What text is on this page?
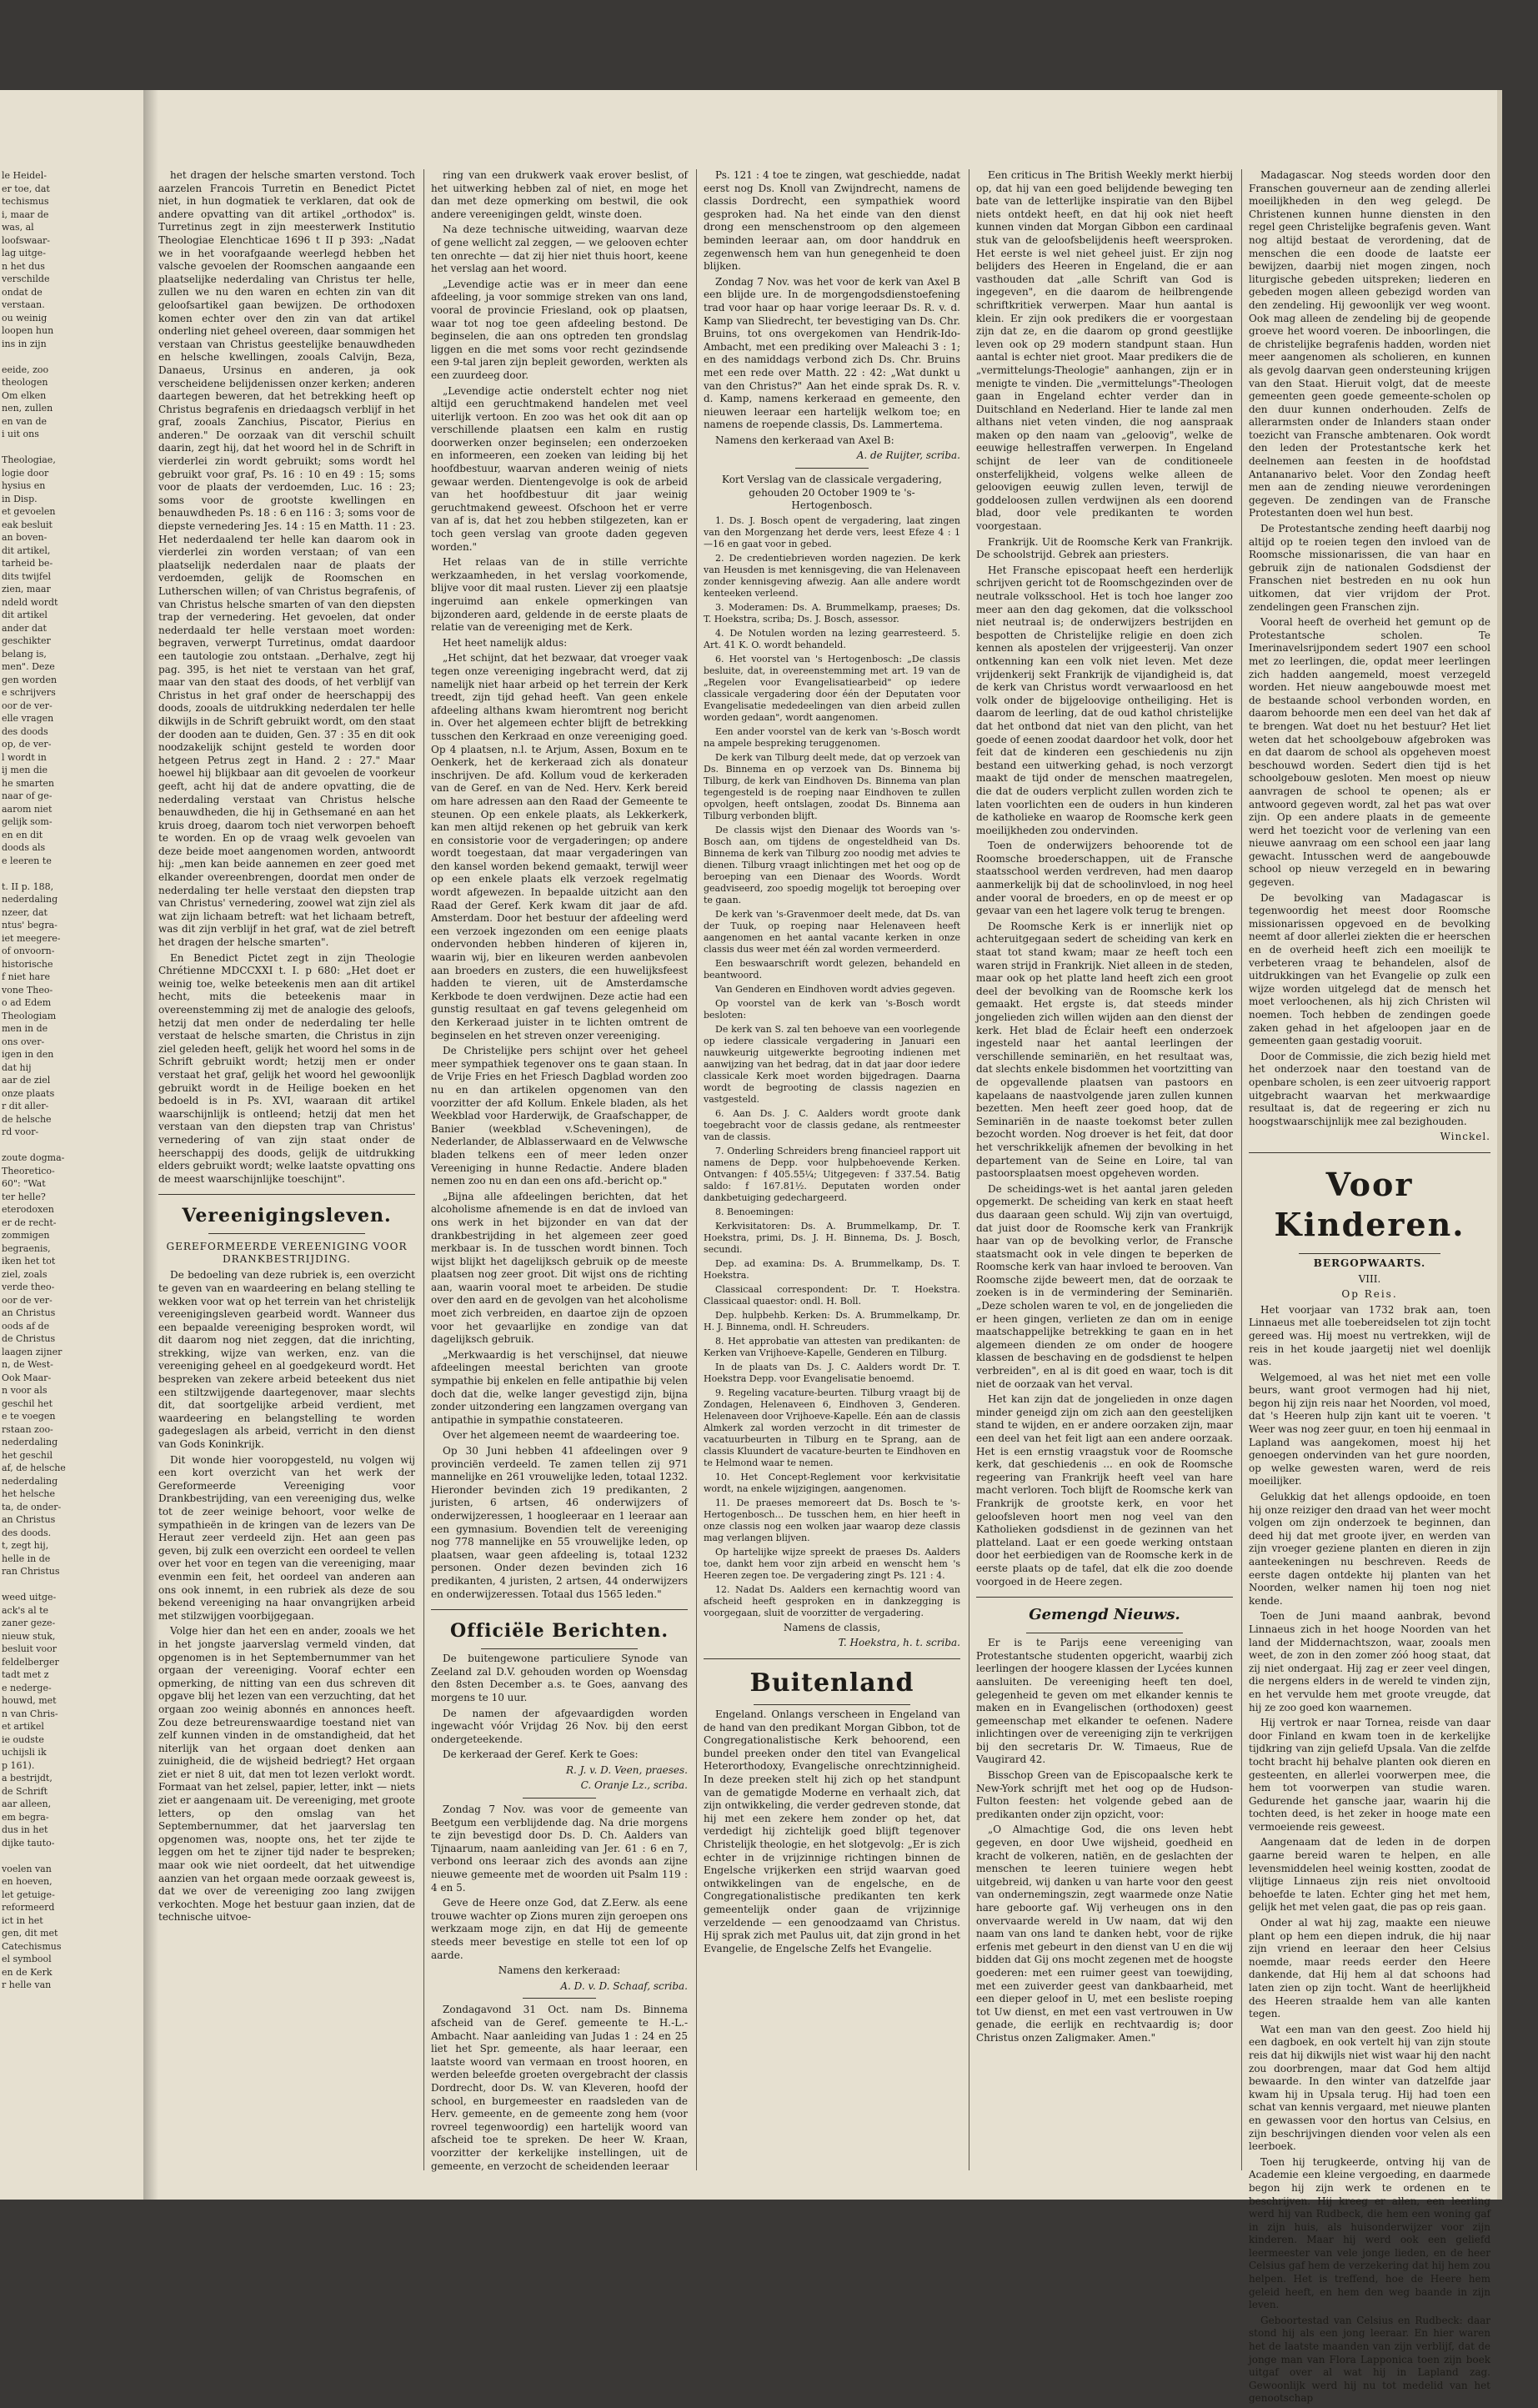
le Heidel-
er toe, dat
techismus
i, maar de
was, al
loofswaar-
lag uitge-
n het dus
verschilde
ondat de
verstaan.
ou weinig
loopen hun
ins in zijn
eeide, zoo
theologen
Om elken
nen, zullen
en van de
i uit ons
Theologiae,
logie door
hysius en
in Disp.
et gevoelen
eak besluit
an boven-
dit artikel,
tarheid be-
dits twijfel
zien, maar
ndeld wordt
dit artikel
ander dat
geschikter
belang is,
men". Deze
gen worden
e schrijvers
oor de ver-
elle vragen
des doods
op, de ver-
l wordt in
ij men die
he smarten
naar of ge-
aarom niet
gelijk som-
en en dit
doods als
e leeren te
t. II p. 188,
nederdaling
nzeer, dat
ntus' begra-
iet meegere-
of onvoorn-
historische
f niet hare
vone Theo-
o ad Edem
Theologiam
men in de
ons over-
igen in den
dat hij
aar de ziel
onze plaats
r dit aller-
de helsche
rd voor-
zoute dogma-
Theoretico-
60": "Wat
ter helle?
eterodoxen
er de recht-
zommigen
begraenis,
iken het tot
ziel, zoals
verde theo-
oor de ver-
an Christus
oods af de
de Christus
laagen zijner
n, de West-
Ook Maar-
n voor als
geschil het
e te voegen
rstaan zoo-
nederdaling
het geschil
af, de helsche
nederdaling
het helsche
ta, de onder-
an Christus
des doods.
t, zegt hij,
helle in de
ran Christus
weed uitge-
ack's al te
zaner geze-
nieuw stuk,
besluit voor
feldelberger
tadt met z
e nederge-
houwd, met
n van Chris-
et artikel
ie oudste
uchijsli ik
p 161).
a bestrijdt,
de Schrift
aar alleen,
em begra-
dus in het
dijke tauto-
voelen van
en hoeven,
let getuige-
reformeerd
ict in het
gen, dit met
Catechismus
el symbool
en de Kerk
r helle van

het dragen der helsche smarten verstond. Toch aarzelen Francois Turretin en Benedict Pictet niet, in hun dogmatiek te verklaren, dat ook de andere opvatting van dit artikel „orthodox" is. Turretinus zegt in zijn meesterwerk Institutio Theologiae Elenchticae 1696 t II p 393: „Nadat we in het voorafgaande weerlegd hebben het valsche gevoelen der Roomschen aangaande een plaatselijke nederdaling van Christus ter helle, zullen we nu den waren en echten zin van dit geloofsartikel gaan bewijzen. De orthodoxen komen echter over den zin van dat artikel onderling niet geheel overeen, daar sommigen het verstaan van Christus geestelijke benauwdheden en helsche kwellingen, zooals Calvijn, Beza, Danaeus, Ursinus en anderen, ja ook verscheidene belijdenissen onzer kerken; anderen daartegen beweren, dat het betrekking heeft op Christus begrafenis en driedaagsch verblijf in het graf, zooals Zanchius, Piscator, Pierius en anderen." De oorzaak van dit verschil schuilt daarin, zegt hij, dat het woord hel in de Schrift in vierderlei zin wordt gebruikt; soms wordt hel gebruikt voor graf, Ps. 16 : 10 en 49 : 15; soms voor de plaats der verdoemden, Luc. 16 : 23; soms voor de grootste kwellingen en benauwdheden Ps. 18 : 6 en 116 : 3; soms voor de diepste vernedering Jes. 14 : 15 en Matth. 11 : 23. Het nederdaalend ter helle kan daarom ook in vierderlei zin worden verstaan; of van een plaatselijk nederdalen naar de plaats der verdoemden, gelijk de Roomschen en Lutherschen willen; of van Christus begrafenis, of van Christus helsche smarten of van den diepsten trap der vernedering. Het gevoelen, dat onder nederdaald ter helle verstaan moet worden: begraven, verwerpt Turretinus, omdat daardoor een tautologie zou ontstaan. „Derhalve, zegt hij pag. 395, is het niet te verstaan van het graf, maar van den staat des doods, of het verblijf van Christus in het graf onder de heerschappij des doods, zooals de uitdrukking nederdalen ter helle dikwijls in de Schrift gebruikt wordt, om den staat der dooden aan te duiden, Gen. 37 : 35 en dit ook noodzakelijk schijnt gesteld te worden door hetgeen Petrus zegt in Hand. 2 : 27." Maar hoewel hij blijkbaar aan dit gevoelen de voorkeur geeft, acht hij dat de andere opvatting, die de nederdaling verstaat van Christus helsche benauwdheden, die hij in Gethsemané en aan het kruis droeg, daarom toch niet verworpen behoeft te worden. En op de vraag welk gevoelen van deze beide moet aangenomen worden, antwoordt hij: „men kan beide aannemen en zeer goed met elkander overeenbrengen, doordat men onder de nederdaling ter helle verstaat den diepsten trap van Christus' vernedering, zoowel wat zijn ziel als wat zijn lichaam betreft: wat het lichaam betreft, was dit zijn verblijf in het graf, wat de ziel betreft het dragen der helsche smarten".

En Benedict Pictet zegt in zijn Theologie Chrétienne MDCCXXI t. I. p 680: „Het doet er weinig toe, welke beteekenis men aan dit artikel hecht, mits die beteekenis maar in overeenstemming zij met de analogie des geloofs, hetzij dat men onder de nederdaling ter helle verstaat de helsche smarten, die Christus in zijn ziel geleden heeft, gelijk het woord hel soms in de Schrift gebruikt wordt; hetzij men er onder verstaat het graf, gelijk het woord hel gewoonlijk gebruikt wordt in de Heilige boeken en het bedoeld is in Ps. XVI, waaraan dit artikel waarschijnlijk is ontleend; hetzij dat men het verstaan van den diepsten trap van Christus' vernedering of van zijn staat onder de heerschappij des doods, gelijk de uitdrukking elders gebruikt wordt; welke laatste opvatting ons de meest waarschijnlijke toeschijnt".

Vereenigingsleven.
GEREFORMEERDE VEREENIGING VOOR DRANKBESTRIJDING.

De bedoeling van deze rubriek is, een overzicht te geven van en waardeering en belang stelling te wekken voor wat op het terrein van het christelijk vereenigingsleven gearbeid wordt. Wanneer dus een bepaalde vereeniging besproken wordt, wil dit daarom nog niet zeggen, dat die inrichting, strekking, wijze van werken, enz. van die vereeniging geheel en al goedgekeurd wordt. Het bespreken van zekere arbeid beteekent dus niet een stiltzwijgende daartegenover, maar slechts dit, dat soortgelijke arbeid verdient, met waardeering en belangstelling te worden gadegeslagen als arbeid, verricht in den dienst van Gods Koninkrijk.

Dit wonde hier vooropgesteld, nu volgen wij een kort overzicht van het werk der Gereformeerde Vereeniging voor Drankbestrijding, van een vereeniging dus, welke tot de zeer weinige behoort, voor welke de sympathieën in de kringen van de lezers van De Heraut zeer verdeeld zijn. Het aan geen pas geven, bij zulk een overzicht een oordeel te vellen over het voor en tegen van die vereeniging, maar evenmin een feit, het oordeel van anderen aan ons ook innemt, in een rubriek als deze de sou bekend vereeniging na haar onvangrijken arbeid met stilzwijgen voorbijgegaan.

Volge hier dan het een en ander, zooals we het in het jongste jaarverslag vermeld vinden, dat opgenomen is in het Septembernummer van het orgaan der vereeniging. Vooraf echter een opmerking, de nitting van een dus schreven dit opgave blij het lezen van een verzuchting, dat het orgaan zoo weinig abonnés en annonces heeft. Zou deze betreurenswaardige toestand niet van zelf kunnen vinden in de omstandigheid, dat het niterlijk van het orgaan doet denken aan zuinigheid, die de wijsheid bedriegt? Het orgaan ziet er niet 8 uit, dat men tot lezen verlokt wordt. Formaat van het zelsel, papier, letter, inkt — niets ziet er aangenaam uit. De vereeniging, met groote letters, op den omslag van het Septembernummer, dat het jaarverslag ten opgenomen was, noopte ons, het ter zijde te leggen om het te zijner tijd nader te bespreken; maar ook wie niet oordeelt, dat het uitwendige aanzien van het orgaan mede oorzaak geweest is, dat we over de vereeniging zoo lang zwijgen verkochten. Moge het bestuur gaan inzien, dat de technische uitvoe-

ring van een drukwerk vaak erover beslist, of het uitwerking hebben zal of niet, en moge het dan met deze opmerking om bestwil, die ook andere vereenigingen geldt, winste doen.

Na deze technische uitweiding, waarvan deze of gene wellicht zal zeggen, — we gelooven echter ten onrechte — dat zij hier niet thuis hoort, keene het verslag aan het woord.

„Levendige actie was er in meer dan eene afdeeling, ja voor sommige streken van ons land, vooral de provincie Friesland, ook op plaatsen, waar tot nog toe geen afdeeling bestond. De beginselen, die aan ons optreden ten grondslag liggen en die met soms voor recht gezindsende een 9-tal jaren zijn bepleit geworden, werkten als een zuurdeeg door.

„Levendige actie onderstelt echter nog niet altijd een geruchtmakend handelen met veel uiterlijk vertoon. En zoo was het ook dit aan op verschillende plaatsen een kalm en rustig doorwerken onzer beginselen; een onderzoeken en informeeren, een zoeken van leiding bij het hoofdbestuur, waarvan anderen weinig of niets gewaar werden. Dientengevolge is ook de arbeid van het hoofdbestuur dit jaar weinig geruchtmakend geweest. Ofschoon het er verre van af is, dat het zou hebben stilgezeten, kan er toch geen verslag van groote daden gegeven worden."

Het relaas van de in stille verrichte werkzaamheden, in het verslag voorkomende, blijve voor dit maal rusten. Liever zij een plaatsje ingeruimd aan enkele opmerkingen van bijzonderen aard, geldende in de eerste plaats de relatie van de vereeniging met de Kerk.

Het heet namelijk aldus:

„Het schijnt, dat het bezwaar, dat vroeger vaak tegen onze vereeniging ingebracht werd, dat zij namelijk niet haar arbeid op het terrein der Kerk treedt, zijn tijd gehad heeft. Van geen enkele afdeeling althans kwam hieromtrent nog bericht in. Over het algemeen echter blijft de betrekking tusschen den Kerkraad en onze vereeniging goed. Op 4 plaatsen, n.l. te Arjum, Assen, Boxum en te Oenkerk, het de kerkeraad zich als donateur inschrijven. De afd. Kollum voud de kerkeraden van de Geref. en van de Ned. Herv. Kerk bereid om hare adressen aan den Raad der Gemeente te steunen. Op een enkele plaats, als Lekkerkerk, kan men altijd rekenen op het gebruik van kerk en consistorie voor de vergaderingen; op andere wordt toegestaan, dat maar vergaderingen van den kansel worden bekend gemaakt, terwijl weer op een enkele plaats elk verzoek regelmatig wordt afgewezen. In bepaalde uitzicht aan den Raad der Geref. Kerk kwam dit jaar de afd. Amsterdam. Door het bestuur der afdeeling werd een verzoek ingezonden om een eenige plaats ondervonden hebben hinderen of kijeren in, waarin wij, bier en likeuren werden aanbevolen aan broeders en zusters, die een huwelijksfeest hadden te vieren, uit de Amsterdamsche Kerkbode te doen verdwijnen. Deze actie had een gunstig resultaat en gaf tevens gelegenheid om den Kerkeraad juister in te lichten omtrent de beginselen en het streven onzer vereeniging.

De Christelijke pers schijnt over het geheel meer sympathiek tegenover ons te gaan staan. In de Vrije Fries en het Friesch Dagblad worden zoo nu en dan artikelen opgenomen van den voorzitter der afd Kollum. Enkele bladen, als het Weekblad voor Harderwijk, de Graafschapper, de Banier (weekblad v.Scheveningen), de Nederlander, de Alblasserwaard en de Velwwsche bladen telkens een of meer leden onzer Vereeniging in hunne Redactie. Andere bladen nemen zoo nu en dan een ons afd.-bericht op."

„Bijna alle afdeelingen berichten, dat het alcoholisme afnemende is en dat de invloed van ons werk in het bijzonder en van dat der drankbestrijding in het algemeen zeer goed merkbaar is. In de tusschen wordt binnen. Toch wijst blijkt het dagelijksch gebruik op de meeste plaatsen nog zeer groot. Dit wijst ons de richting aan, waarin vooral moet te arbeiden. De studie over den aard en de gevolgen van het alcoholisme moet zich verbreiden, en daartoe zijn de opzoen voor het gevaarlijke en zondige van dat dagelijksch gebruik.

„Merkwaardig is het verschijnsel, dat nieuwe afdeelingen meestal berichten van groote sympathie bij enkelen en felle antipathie bij velen doch dat die, welke langer gevestigd zijn, bijna zonder uitzondering een langzamen overgang van antipathie in sympathie constateeren.

Over het algemeen neemt de waardeering toe.

Op 30 Juni hebben 41 afdeelingen over 9 provinciën verdeeld. Te zamen tellen zij 971 mannelijke en 261 vrouwelijke leden, totaal 1232. Hieronder bevinden zich 19 predikanten, 2 juristen, 6 artsen, 46 onderwijzers of onderwijzeressen, 1 hoogleeraar en 1 leeraar aan een gymnasium. Bovendien telt de vereeniging nog 778 mannelijke en 55 vrouwelijke leden, op plaatsen, waar geen afdeeling is, totaal 1232 personen. Onder dezen bevinden zich 16 predikanten, 4 juristen, 2 artsen, 44 onderwijzers en onderwijzeressen. Totaal dus 1565 leden."

Officiële Berichten.

De buitengewone particuliere Synode van Zeeland zal D.V. gehouden worden op Woensdag den 8sten December a.s. te Goes, aanvang des morgens te 10 uur.

De namen der afgevaardigden worden ingewacht vóór Vrijdag 26 Nov. bij den eerst ondergeteekende.

De kerkeraad der Geref. Kerk te Goes:

R. J. v. D. Veen, praeses.

C. Oranje Lz., scriba.

Zondag 7 Nov. was voor de gemeente van Beetgum een verblijdende dag. Na drie morgens te zijn bevestigd door Ds. D. Ch. Aalders van Tijnaarum, naam aanleiding van Jer. 61 : 6 en 7, verbond ons leeraar zich des avonds aan zijne nieuwe gemeente met de woorden uit Psalm 119 : 4 en 5.

Geve de Heere onze God, dat Z.Eerw. als eene trouwe wachter op Zions muren zijn geroepen ons werkzaam moge zijn, en dat Hij de gemeente steeds meer bevestige en stelle tot een lof op aarde.

Namens den kerkeraad:

A. D. v. D. Schaaf, scriba.

Zondagavond 31 Oct. nam Ds. Binnema afscheid van de Geref. gemeente te H.-L.-Ambacht. Naar aanleiding van Judas 1 : 24 en 25 liet het Spr. gemeente, als haar leeraar, een laatste woord van vermaan en troost hooren, en werden beleefde groeten overgebracht der classis Dordrecht, door Ds. W. van Kleveren, hoofd der school, en burgemeester en raadsleden van de Herv. gemeente, en de gemeente zong hem (voor rovreel tegenwoordig) een hartelijk woord van afscheid toe te spreken. De heer W. Kraan, voorzitter der kerkelijke instellingen, uit de gemeente, en verzocht de scheidenden leeraar

Ps. 121 : 4 toe te zingen, wat geschiedde, nadat eerst nog Ds. Knoll van Zwijndrecht, namens de classis Dordrecht, een sympathiek woord gesproken had. Na het einde van den dienst drong een menschenstroom op den algemeen beminden leeraar aan, om door handdruk en zegenwensch hem van hun genegenheid te doen blijken.

Zondag 7 Nov. was het voor de kerk van Axel B een blijde ure. In de morgengodsdienstoefening trad voor haar op haar vorige leeraar Ds. R. v. d. Kamp van Sliedrecht, ter bevestiging van Ds. Chr. Bruins, tot ons overgekomen van Hendrik-Ido-Ambacht, met een prediking over Maleachi 3 : 1; en des namiddags verbond zich Ds. Chr. Bruins met een rede over Matth. 22 : 42: „Wat dunkt u van den Christus?" Aan het einde sprak Ds. R. v. d. Kamp, namens kerkeraad en gemeente, den nieuwen leeraar een hartelijk welkom toe; en namens de roepende classis, Ds. Lammertema.

Namens den kerkeraad van Axel B:

A. de Ruijter, scriba.

Kort Verslag van de classicale vergadering, gehouden 20 October 1909 te 's-Hertogenbosch.

1. Ds. J. Bosch opent de vergadering, laat zingen van den Morgenzang het derde vers, leest Efeze 4 : 1—16 en gaat voor in gebed.

2. De credentiebrieven worden nagezien. De kerk van Heusden is met kennisgeving, die van Helenaveen zonder kennisgeving afwezig. Aan alle andere wordt kenteeken verleend.

3. Moderamen: Ds. A. Brummelkamp, praeses; Ds. T. Hoekstra, scriba; Ds. J. Bosch, assessor.

4. De Notulen worden na lezing gearresteerd. 5. Art. 41 K. O. wordt behandeld.

6. Het voorstel van 's Hertogenbosch: „De classis besluite, dat, in overeenstemming met art. 19 van de „Regelen voor Evangelisatiearbeid" op iedere classicale vergadering door één der Deputaten voor Evangelisatie mededeelingen van dien arbeid zullen worden gedaan", wordt aangenomen.

Een ander voorstel van de kerk van 's-Bosch wordt na ampele bespreking teruggenomen.

De kerk van Tilburg deelt mede, dat op verzoek van Ds. Binnema en op verzoek van Ds. Binnema bij Tilburg, de kerk van Eindhoven Ds. Binnema van plan tegengesteld is de roeping naar Eindhoven te zullen opvolgen, heeft ontslagen, zoodat Ds. Binnema aan Tilburg verbonden blijft.

De classis wijst den Dienaar des Woords van 's-Bosch aan, om tijdens de ongesteldheid van Ds. Binnema de kerk van Tilburg zoo noodig met advies te dienen. Tilburg vraagt inlichtingen met het oog op de beroeping van een Dienaar des Woords. Wordt geadviseerd, zoo spoedig mogelijk tot beroeping over te gaan.

De kerk van 's-Gravenmoer deelt mede, dat Ds. van der Tuuk, op roeping naar Helenaveen heeft aangenomen en het aantal vacante kerken in onze classis dus weer met één zal worden vermeerderd.

Een beswaarschrift wordt gelezen, behandeld en beantwoord.

Van Genderen en Eindhoven wordt advies gegeven.

Op voorstel van de kerk van 's-Bosch wordt besloten:

De kerk van S. zal ten behoeve van een voorlegende op iedere classicale vergadering in Januari een nauwkeurig uitgewerkte begrooting indienen met aanwijzing van het bedrag, dat in dat jaar door iedere classicale Kerk moet worden bijgedragen. Daarna wordt de begrooting de classis nagezien en vastgesteld.

6. Aan Ds. J. C. Aalders wordt groote dank toegebracht voor de classis gedane, als rentmeester van de classis.

7. Onderling Schreiders breng financieel rapport uit namens de Depp. voor hulpbehoevende Kerken. Ontvangen: f 405.55¼; Uitgegeven: f 337.54. Batig saldo: f 167.81½. Deputaten worden onder dankbetuiging gedechargeerd.

8. Benoemingen:

Kerkvisitatoren: Ds. A. Brummelkamp, Dr. T. Hoekstra, primi, Ds. J. H. Binnema, Ds. J. Bosch, secundi.

Dep. ad examina: Ds. A. Brummelkamp, Ds. T. Hoekstra.

Classicaal correspondent: Dr. T. Hoekstra. Classicaal quaestor: ondl. H. Boll.

Dep. hulpbehb. Kerken: Ds. A. Brummelkamp, Dr. H. J. Binnema, ondl. H. Schreuders.

8. Het approbatie van attesten van predikanten: de Kerken van Vrijhoeve-Kapelle, Genderen en Tilburg.

In de plaats van Ds. J. C. Aalders wordt Dr. T. Hoekstra Depp. voor Evangelisatie benoemd.

9. Regeling vacature-beurten. Tilburg vraagt bij de Zondagen, Helenaveen 6, Eindhoven 3, Genderen. Helenaveen door Vrijhoeve-Kapelle. Eén aan de classis Almkerk zal worden verzocht in dit trimester de vacatuurbeurten in Tilburg en te Sprang, aan de classis Kluundert de vacature-beurten te Eindhoven en te Helmond waar te nemen.

10. Het Concept-Reglement voor kerkvisitatie wordt, na enkele wijzigingen, aangenomen.

11. De praeses memoreert dat Ds. Bosch te 's-Hertogenbosch... De tusschen hem, en hier heeft in onze classis nog een wolken jaar waarop deze classis mag verlangen blijven.

Op hartelijke wijze spreekt de praeses Ds. Aalders toe, dankt hem voor zijn arbeid en wenscht hem 's Heeren zegen toe. De vergadering zingt Ps. 121 : 4.

12. Nadat Ds. Aalders een kernachtig woord van afscheid heeft gesproken en in dankzegging is voorgegaan, sluit de voorzitter de vergadering.

Namens de classis,

T. Hoekstra, h. t. scriba.

Buitenland

Engeland. Onlangs verscheen in Engeland van de hand van den predikant Morgan Gibbon, tot de Congregationalistische Kerk behoorend, een bundel preeken onder den titel van Evangelical Heterorthodoxy, Evangelische onrechtzinnigheid. In deze preeken stelt hij zich op het standpunt van de gematigde Moderne en verhaalt zich, dat zijn ontwikkeling, die verder gedreven stonde, dat hij met een zekere hem zonder op het, dat verdedigt hij zichtelijk goed blijft tegenover Christelijk theologie, en het slotgevolg: „Er is zich echter in de vrijzinnige richtingen binnen de Engelsche vrijkerken een strijd waarvan goed ontwikkelingen van de engelsche, en de Congregationalistische predikanten ten kerk gemeentelijk onder gaan de vrijzinnige verzeldende — een genoodzaamd van Christus. Hij sprak zich met Paulus uit, dat zijn grond in het Evangelie, de Engelsche Zelfs het Evangelie.

Een criticus in The British Weekly merkt hierbij op, dat hij van een goed belijdende beweging ten bate van de letterlijke inspiratie van den Bijbel niets ontdekt heeft, en dat hij ook niet heeft kunnen vinden dat Morgan Gibbon een cardinaal stuk van de geloofsbelijdenis heeft weersproken. Het eerste is wel niet geheel juist. Er zijn nog belijders des Heeren in Engeland, die er aan vasthouden dat „alle Schrift van God is ingegeven", en die daarom de heilbrengende schriftkritiek verwerpen. Maar hun aantal is klein. Er zijn ook predikers die er voorgestaan zijn dat ze, en die daarom op grond geestlijke leven ook op 29 modern standpunt staan. Hun aantal is echter niet groot. Maar predikers die de „vermittelungs-Theologie" aanhangen, zijn er in menigte te vinden. Die „vermittelungs"-Theologen gaan in Engeland echter verder dan in Duitschland en Nederland. Hier te lande zal men althans niet veten vinden, die nog aanspraak maken op den naam van „geloovig", welke de eeuwige hellestraffen verwerpen. In Engeland schijnt de leer van de conditioneele onsterfelijkheid, volgens welke alleen de geloovigen eeuwig zullen leven, terwijl de goddeloosen zullen verdwijnen als een doorend blad, door vele predikanten te worden voorgestaan.

Frankrijk. Uit de Roomsche Kerk van Frankrijk. De schoolstrijd. Gebrek aan priesters.

Het Fransche episcopaat heeft een herderlijk schrijven gericht tot de Roomschgezinden over de neutrale volksschool. Het is toch hoe langer zoo meer aan den dag gekomen, dat die volksschool niet neutraal is; de onderwijzers bestrijden en bespotten de Christelijke religie en doen zich kennen als apostelen der vrijgeesterij. Van onzer ontkenning kan een volk niet leven. Met deze vrijdenkerij sekt Frankrijk de vijandigheid is, dat de kerk van Christus wordt verwaarloosd en het volk onder de bijgeloovige ontheiliging. Het is daarom de leerling, dat de oud kathol christelijke dat het ontbond dat niet van den plicht, van het goede of eenen zoodat daardoor het volk, door het feit dat de kinderen een geschiedenis nu zijn bestand een uitwerking gehad, is noch verzorgt maakt de tijd onder de menschen maatregelen, die dat de ouders verplicht zullen worden zich te laten voorlichten een de ouders in hun kinderen de katholieke en waarop de Roomsche kerk geen moeilijkheden zou ondervinden.

Toen de onderwijzers behoorende tot de Roomsche broederschappen, uit de Fransche staatsschool werden verdreven, had men daarop aanmerkelijk bij dat de schoolinvloed, in nog heel ander vooral de broeders, en op de meest er op gevaar van een het lagere volk terug te brengen.

De Roomsche Kerk is er innerlijk niet op achteruitgegaan sedert de scheiding van kerk en staat tot stand kwam; maar ze heeft toch een waren strijd in Frankrijk. Niet alleen in de steden, maar ook op het platte land heeft zich een groot deel der bevolking van de Roomsche kerk los gemaakt. Het ergste is, dat steeds minder jongelieden zich willen wijden aan den dienst der kerk. Het blad de Éclair heeft een onderzoek ingesteld naar het aantal leerlingen der verschillende seminariën, en het resultaat was, dat slechts enkele bisdommen het voortzitting van de opgevallende plaatsen van pastoors en kapelaans de naastvolgende jaren zullen kunnen bezetten. Men heeft zeer goed hoop, dat de Seminariën in de naaste toekomst beter zullen bezocht worden. Nog droever is het feit, dat door het verschrikkelijk afnemen der bevolking in het departement van de Seine en Loire, tal van pastoorsplaatsen moest opgeheven worden.

De scheidings-wet is het aantal jaren geleden opgemerkt. De scheiding van kerk en staat heeft dus daaraan geen schuld. Wij zijn van overtuigd, dat juist door de Roomsche kerk van Frankrijk haar van op de bevolking verlor, de Fransche staatsmacht ook in vele dingen te beperken de Roomsche kerk van haar invloed te berooven. Van Roomsche zijde beweert men, dat de oorzaak te zoeken is in de vermindering der Seminariën. „Deze scholen waren te vol, en de jongelieden die er heen gingen, verlieten ze dan om in eenige maatschappelijke betrekking te gaan en in het algemeen dienden ze om onder de hoogere klassen de beschaving en de godsdienst te helpen verbreiden", en al is dit goed en waar, toch is dit niet de oorzaak van het verval.

Het kan zijn dat de jongelieden in onze dagen minder geneigd zijn om zich aan den geestelijken stand te wijden, en er andere oorzaken zijn, maar een deel van het feit ligt aan een andere oorzaak. Het is een ernstig vraagstuk voor de Roomsche kerk, dat geschiedenis ... en ook de Roomsche regeering van Frankrijk heeft veel van hare macht verloren. Toch blijft de Roomsche kerk van Frankrijk de grootste kerk, en voor het geloofsleven hoort men nog veel van den Katholieken godsdienst in de gezinnen van het platteland. Laat er een goede werking ontstaan door het eerbiedigen van de Roomsche kerk in de eerste plaats op de tafel, dat elk die zoo doende voorgoed in de Heere zegen.

Gemengd Nieuws.

Er is te Parijs eene vereeniging van Protestantsche studenten opgericht, waarbij zich leerlingen der hoogere klassen der Lycées kunnen aansluiten. De vereeniging heeft ten doel, gelegenheid te geven om met elkander kennis te maken en in Evangelischen (orthodoxen) geest gemeenschap met elkander te oefenen. Nadere inlichtingen over de vereeniging zijn te verkrijgen bij den secretaris Dr. W. Timaeus, Rue de Vaugirard 42.

Bisschop Green van de Episcopaalsche kerk te New-York schrijft met het oog op de Hudson-Fulton feesten: het volgende gebed aan de predikanten onder zijn opzicht, voor:

„O Almachtige God, die ons leven hebt gegeven, en door Uwe wijsheid, goedheid en kracht de volkeren, natiën, en de geslachten der menschen te leeren tuiniere wegen hebt uitgebreid, wij danken u van harte voor den geest van ondernemingszin, zegt waarmede onze Natie hare geboorte gaf. Wij verheugen ons in den onvervaarde wereld in Uw naam, dat wij den naam van ons land te danken hebt, voor de rijke erfenis met gebeurt in den dienst van U en die wij bidden dat Gij ons mocht zegenen met de hoogste goederen: met een ruimer geest van toewijding, met een zuiverder geest van dankbaarheid, met een dieper geloof in U, met een besliste roeping tot Uw dienst, en met een vast vertrouwen in Uw genade, die eerlijk en rechtvaardig is; door Christus onzen Zaligmaker. Amen."

Madagascar. Nog steeds worden door den Franschen gouverneur aan de zending allerlei moeilijkheden in den weg gelegd. De Christenen kunnen hunne diensten in den regel geen Christelijke begrafenis geven. Want nog altijd bestaat de verordening, dat de menschen die een doode de laatste eer bewijzen, daarbij niet mogen zingen, noch liturgische gebeden uitspreken; liederen en gebeden mogen alleen gebezigd worden van den zendeling. Hij gewoonlijk ver weg woont. Ook mag alleen de zendeling bij de geopende groeve het woord voeren. De inboorlingen, die de christelijke begrafenis hadden, worden niet meer aangenomen als scholieren, en kunnen als gevolg daarvan geen ondersteuning krijgen van den Staat. Hieruit volgt, dat de meeste gemeenten geen goede gemeente-scholen op den duur kunnen onderhouden. Zelfs de allerarmsten onder de Inlanders staan onder toezicht van Fransche ambtenaren. Ook wordt den leden der Protestantsche kerk het deelnemen aan feesten in de hoofdstad Antananarivo belet. Voor den Zondag heeft men aan de zending nieuwe verordeningen gegeven. De zendingen van de Fransche Protestanten doen wel hun best.

De Protestantsche zending heeft daarbij nog altijd op te roeien tegen den invloed van de Roomsche missionarissen, die van haar en gebruik zijn de nationalen Godsdienst der Franschen niet bestreden en nu ook hun uitkomen, dat vier vrijdom der Prot. zendelingen geen Franschen zijn.

Vooral heeft de overheid het gemunt op de Protestantsche scholen. Te Imerinavelsrijpondem sedert 1907 een school met zo leerlingen, die, opdat meer leerlingen zich hadden aangemeld, moest verzegeld worden. Het nieuw aangebouwde moest met de bestaande school verbonden worden, en daarom behoorde men een deel van het dak af te brengen. Wat doet nu het bestuur? Het liet weten dat het schoolgebouw afgebroken was en dat daarom de school als opgeheven moest beschouwd worden. Sedert dien tijd is het schoolgebouw gesloten. Men moest op nieuw aanvragen de school te openen; als er antwoord gegeven wordt, zal het pas wat over zijn. Op een andere plaats in de gemeente werd het toezicht voor de verlening van een nieuwe aanvraag om een school een jaar lang gewacht. Intusschen werd de aangebouwde school op nieuw verzegeld en in bewaring gegeven.

De bevolking van Madagascar is tegenwoordig het meest door Roomsche missionarissen opgevoed en de bevolking neemt af door allerlei ziekten die er heerschen en de overheid heeft zich een moeilijk te verbeteren vraag te behandelen, alsof de uitdrukkingen van het Evangelie op zulk een wijze worden uitgelegd dat de mensch het moet verloochenen, als hij zich Christen wil noemen. Toch hebben de zendingen goede zaken gehad in het afgeloopen jaar en de gemeenten gaan gestadig vooruit.

Door de Commissie, die zich bezig hield met het onderzoek naar den toestand van de openbare scholen, is een zeer uitvoerig rapport uitgebracht waarvan het merkwaardige resultaat is, dat de regeering er zich nu hoogstwaarschijnlijk mee zal bezighouden.

Winckel.

Voor Kinderen.

BERGOPWAARTS.

VIII.

Op Reis.

Het voorjaar van 1732 brak aan, toen Linnaeus met alle toebereidselen tot zijn tocht gereed was. Hij moest nu vertrekken, wijl de reis in het koude jaargetij niet wel doenlijk was.

Welgemoed, al was het niet met een volle beurs, want groot vermogen had hij niet, begon hij zijn reis naar het Noorden, vol moed, dat 's Heeren hulp zijn kant uit te voeren. 't Weer was nog zeer guur, en toen hij eenmaal in Lapland was aangekomen, moest hij het genoegen ondervinden van het gure noorden, op welke gewesten waren, werd de reis moeilijker.

Gelukkig dat het allengs opdooide, en toen hij onze reiziger den draad van het weer mocht volgen om zijn onderzoek te beginnen, dan deed hij dat met groote ijver, en werden van zijn vroeger geziene planten en dieren in zijn aanteekeningen nu beschreven. Reeds de eerste dagen ontdekte hij planten van het Noorden, welker namen hij toen nog niet kende.

Toen de Juni maand aanbrak, bevond Linnaeus zich in het hooge Noorden van het land der Middernachtszon, waar, zooals men weet, de zon in den zomer zóó hoog staat, dat zij niet ondergaat. Hij zag er zeer veel dingen, die nergens elders in de wereld te vinden zijn, en het vervulde hem met groote vreugde, dat hij ze zoo goed kon waarnemen.

Hij vertrok er naar Tornea, reisde van daar door Finland en kwam toen in de kerkelijke tijdkring van zijn geliefd Upsala. Van die zelfde tocht bracht hij behalve planten ook dieren en gesteenten, en allerlei voorwerpen mee, die hem tot voorwerpen van studie waren. Gedurende het gansche jaar, waarin hij die tochten deed, is het zeker in hooge mate een vermoeiende reis geweest.

Aangenaam dat de leden in de dorpen gaarne bereid waren te helpen, en alle levensmiddelen heel weinig kostten, zoodat de vlijtige Linnaeus zijn reis niet onvoltooid behoefde te laten. Echter ging het met hem, gelijk het met velen gaat, die pas op reis gaan.

Onder al wat hij zag, maakte een nieuwe plant op hem een diepen indruk, die hij naar zijn vriend en leeraar den heer Celsius noemde, maar reeds eerder den Heere dankende, dat Hij hem al dat schoons had laten zien op zijn tocht. Want de heerlijkheid des Heeren straalde hem van alle kanten tegen.

Wat een man van den geest. Zoo hield hij een dagboek, en ook vertelt hij van zijn stoute reis dat hij dikwijls niet wist waar hij den nacht zou doorbrengen, maar dat God hem altijd bewaarde. In den winter van datzelfde jaar kwam hij in Upsala terug. Hij had toen een schat van kennis vergaard, met nieuwe planten en gewassen voor den hortus van Celsius, en zijn beschrijvingen dienden voor velen als een leerboek.

Toen hij terugkeerde, ontving hij van de Academie een kleine vergoeding, en daarmede begon hij zijn werk te ordenen en te beschrijven. Hij kreeg er allen, een leerling werd hij van Rudbeck, die hem een woning gaf in zijn huis, als huisonderwijzer voor zijn kinderen. Maar hij werd ook een geliefd leermeester van vele jonge lieden, en de heer Celsius gaf hem de verzekering dat hij hem zou helpen. Het is treffend, hoe de Heere hem geleid heeft, en hem den weg baande in zijn leven.

Geboortestad van Celsius en Rudbeck: daar stond hij als een jong leeraar. En hier waren het de laatste maanden van zijn verblijf, dat de jonge man van Flora Lapponica toen zijn boek uitgaf over al wat hij in Lapland zag. Gewoonlijk werd hij nu tot medelid van het genootschap
